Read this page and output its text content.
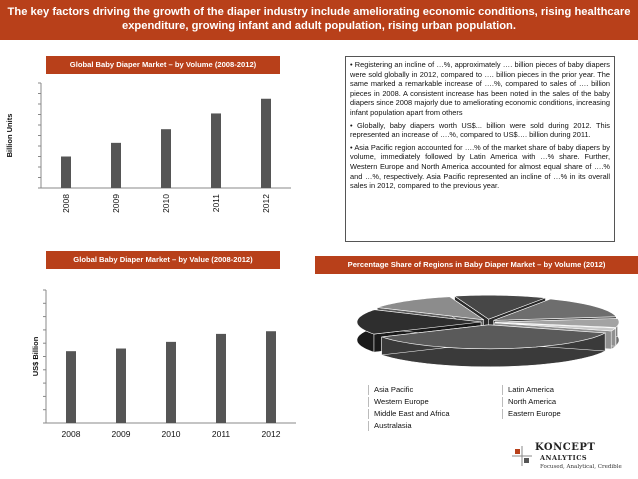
The key factors driving the growth of the diaper industry include ameliorating economic conditions, rising healthcare expenditure, growing infant and adult population, rising urban population.
Global Baby Diaper Market – by Volume (2008-2012)
2008	2009	2010	2011	2012
Billion Units

• Registering an incline of …%, approximately …. billion pieces of baby diapers were sold globally in 2012, compared to …. billion pieces in the prior year. The same marked a remarkable increase of ….%, compared to sales of …. billion pieces in 2008. A consistent increase has been noted in the sales of the baby diapers since 2008 majorly due to ameliorating economic conditions, increasing infant population apart from others

• Globally, baby diapers worth US$... billion were sold during 2012. This represented an increase of ….%, compared to US$…. billion during 2011.

• Asia Pacific region accounted for ….% of the market share of baby diapers by volume, immediately followed by Latin America with …% share. Further, Western Europe and North America accounted for almost equal share of ….% and …%, respectively. Asia Pacific represented an incline of …% in its overall sales in 2012, compared to the previous year.

Global Baby Diaper Market – by Value (2008-2012)
2008	2009	2010	2011	2012
US$ Billion
Percentage Share of Regions in Baby Diaper Market – by Volume (2012)
Asia Pacific	Latin America
Western Europe	North America
Middle East and Africa	Eastern Europe
Australasia
KONCEPT
ANALYTICS
Focused, Analytical, Credible
